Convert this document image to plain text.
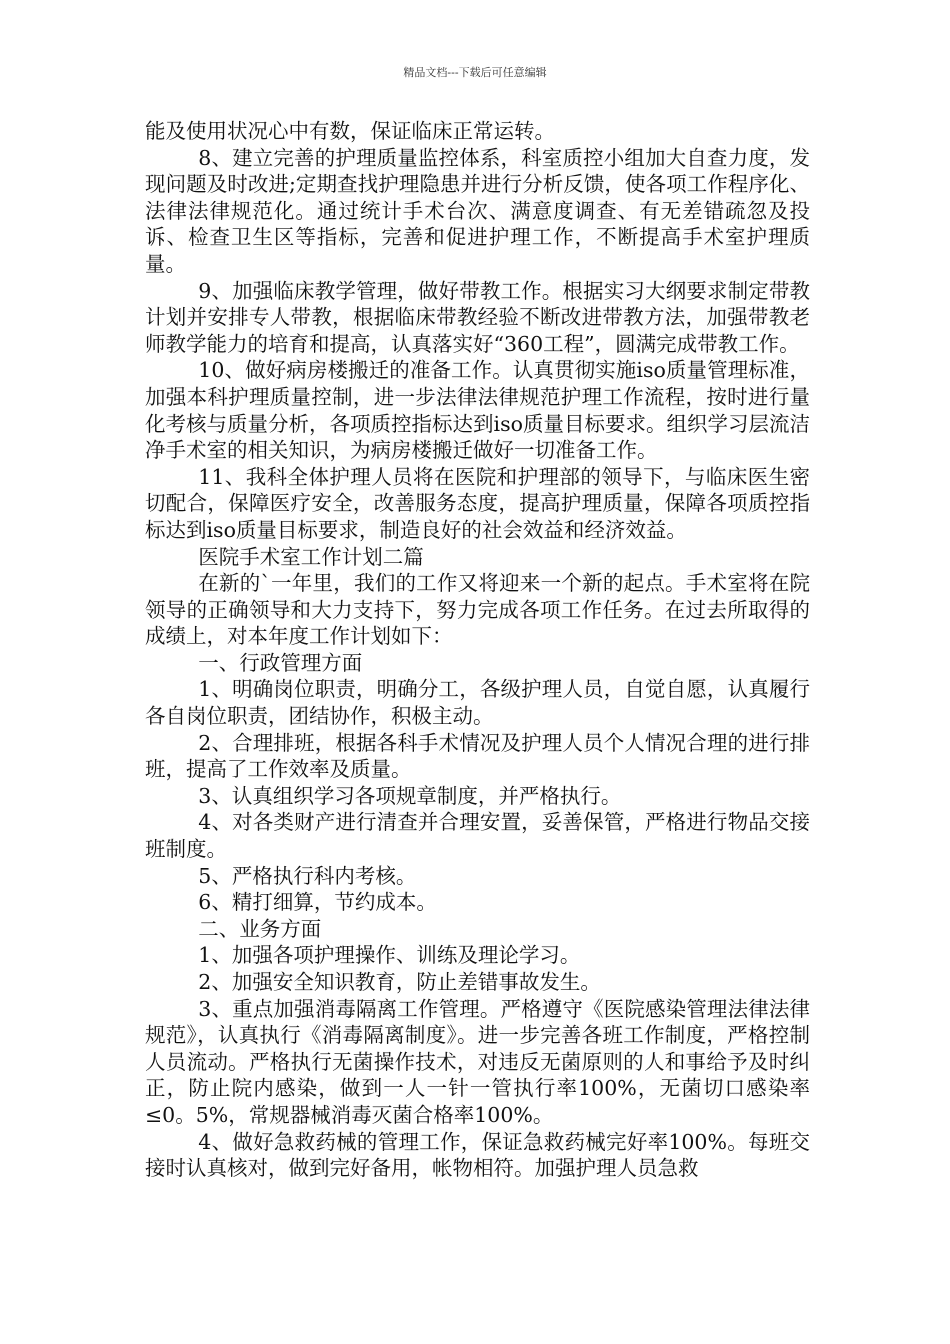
精品文档---下载后可任意编辑

能及使用状况心中有数，保证临床正常运转。

8、建立完善的护理质量监控体系，科室质控小组加大自查力度，发现问题及时改进;定期查找护理隐患并进行分析反馈，使各项工作程序化、法律法律规范化。通过统计手术台次、满意度调查、有无差错疏忽及投诉、检查卫生区等指标，完善和促进护理工作，不断提高手术室护理质量。

9、加强临床教学管理，做好带教工作。根据实习大纲要求制定带教计划并安排专人带教，根据临床带教经验不断改进带教方法，加强带教老师教学能力的培育和提高，认真落实好“360工程”，圆满完成带教工作。

10、做好病房楼搬迁的准备工作。认真贯彻实施iso质量管理标准，加强本科护理质量控制，进一步法律法律规范护理工作流程，按时进行量化考核与质量分析，各项质控指标达到iso质量目标要求。组织学习层流洁净手术室的相关知识，为病房楼搬迁做好一切准备工作。

11、我科全体护理人员将在医院和护理部的领导下，与临床医生密切配合，保障医疗安全，改善服务态度，提高护理质量，保障各项质控指标达到iso质量目标要求，制造良好的社会效益和经济效益。

医院手术室工作计划二篇

在新的`一年里，我们的工作又将迎来一个新的起点。手术室将在院领导的正确领导和大力支持下，努力完成各项工作任务。在过去所取得的成绩上，对本年度工作计划如下：

一、行政管理方面

1、明确岗位职责，明确分工，各级护理人员，自觉自愿，认真履行各自岗位职责，团结协作，积极主动。

2、合理排班，根据各科手术情况及护理人员个人情况合理的进行排班，提高了工作效率及质量。

3、认真组织学习各项规章制度，并严格执行。

4、对各类财产进行清查并合理安置，妥善保管，严格进行物品交接班制度。

5、严格执行科内考核。

6、精打细算，节约成本。

二、业务方面

1、加强各项护理操作、训练及理论学习。

2、加强安全知识教育，防止差错事故发生。

3、重点加强消毒隔离工作管理。严格遵守《医院感染管理法律法律规范》，认真执行《消毒隔离制度》。进一步完善各班工作制度，严格控制人员流动。严格执行无菌操作技术，对违反无菌原则的人和事给予及时纠正，防止院内感染，做到一人一针一管执行率100%，无菌切口感染率≤0。5%，常规器械消毒灭菌合格率100%。

4、做好急救药械的管理工作，保证急救药械完好率100%。每班交接时认真核对，做到完好备用，帐物相符。加强护理人员急救
